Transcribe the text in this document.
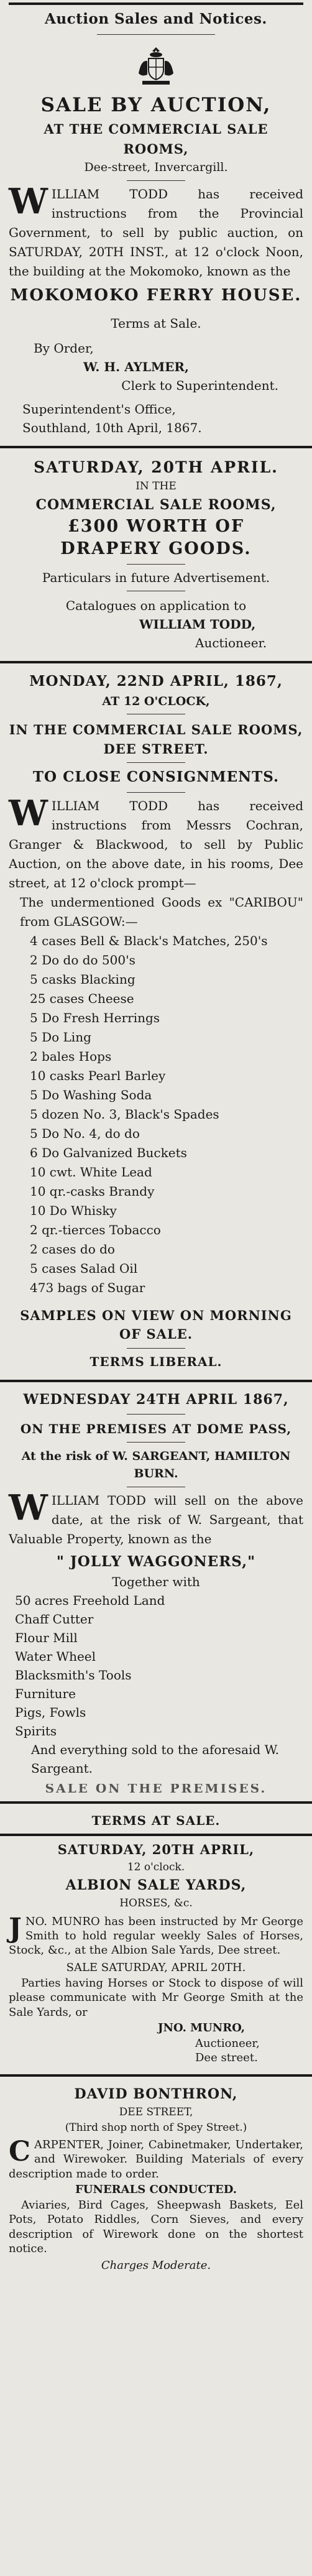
Auction Sales and Notices.
SALE BY AUCTION,
AT THE COMMERCIAL SALE ROOMS,
Dee-street, Invercargill.
W ILLIAM TODD has received instructions from the Provincial Government, to sell by public auction, on SATURDAY, 20TH INST., at 12 o'clock Noon, the building at the Mokomoko, known as the
MOKOMOKO FERRY HOUSE.
Terms at Sale.
By Order,
W. H. AYLMER,
Clerk to Superintendent.
Superintendent's Office,
Southland, 10th April, 1867.
SATURDAY, 20TH APRIL.
IN THE
COMMERCIAL SALE ROOMS,
£300 WORTH OF DRAPERY GOODS.
Particulars in future Advertisement.
Catalogues on application to
WILLIAM TODD,
Auctioneer.
MONDAY, 22ND APRIL, 1867,
AT 12 O'CLOCK,
IN THE COMMERCIAL SALE ROOMS, DEE STREET.
TO CLOSE CONSIGNMENTS.
W ILLIAM TODD has received instructions from Messrs Cochran, Granger & Blackwood, to sell by Public Auction, on the above date, in his rooms, Dee street, at 12 o'clock prompt—
The undermentioned Goods ex "CARIBOU" from GLASGOW:—
4 cases Bell & Black's Matches, 250's
2 Do do do 500's
5 casks Blacking
25 cases Cheese
5 Do Fresh Herrings
5 Do Ling
2 bales Hops
10 casks Pearl Barley
5 Do Washing Soda
5 dozen No. 3, Black's Spades
5 Do No. 4, do do
6 Do Galvanized Buckets
10 cwt. White Lead
10 qr.-casks Brandy
10 Do Whisky
2 qr.-tierces Tobacco
2 cases do do
5 cases Salad Oil
473 bags of Sugar
SAMPLES ON VIEW ON MORNING OF SALE.
TERMS LIBERAL.
WEDNESDAY 24TH APRIL 1867,
ON THE PREMISES AT DOME PASS,
At the risk of W. SARGEANT, HAMILTON BURN.
W ILLIAM TODD will sell on the above date, at the risk of W. Sargeant, that Valuable Property, known as the
" JOLLY WAGGONERS,"
Together with
50 acres Freehold Land
Chaff Cutter
Flour Mill
Water Wheel
Blacksmith's Tools
Furniture
Pigs, Fowls
Spirits
And everything sold to the aforesaid W. Sargeant.
SALE ON THE PREMISES.
TERMS AT SALE.
SATURDAY, 20TH APRIL,
12 o'clock.
ALBION SALE YARDS,
HORSES, &c.
J NO. MUNRO has been instructed by Mr George Smith to hold regular weekly Sales of Horses, Stock, &c., at the Albion Sale Yards, Dee street.
SALE SATURDAY, APRIL 20TH.
Parties having Horses or Stock to dispose of will please communicate with Mr George Smith at the Sale Yards, or
JNO. MUNRO,
Auctioneer,
Dee street.
DAVID BONTHRON,
DEE STREET,
(Third shop north of Spey Street.)
C ARPENTER, Joiner, Cabinetmaker, Undertaker, and Wirewoker. Building Materials of every description made to order.
FUNERALS CONDUCTED.
Aviaries, Bird Cages, Sheepwash Baskets, Eel Pots, Potato Riddles, Corn Sieves, and every description of Wirework done on the shortest notice.
Charges Moderate.
